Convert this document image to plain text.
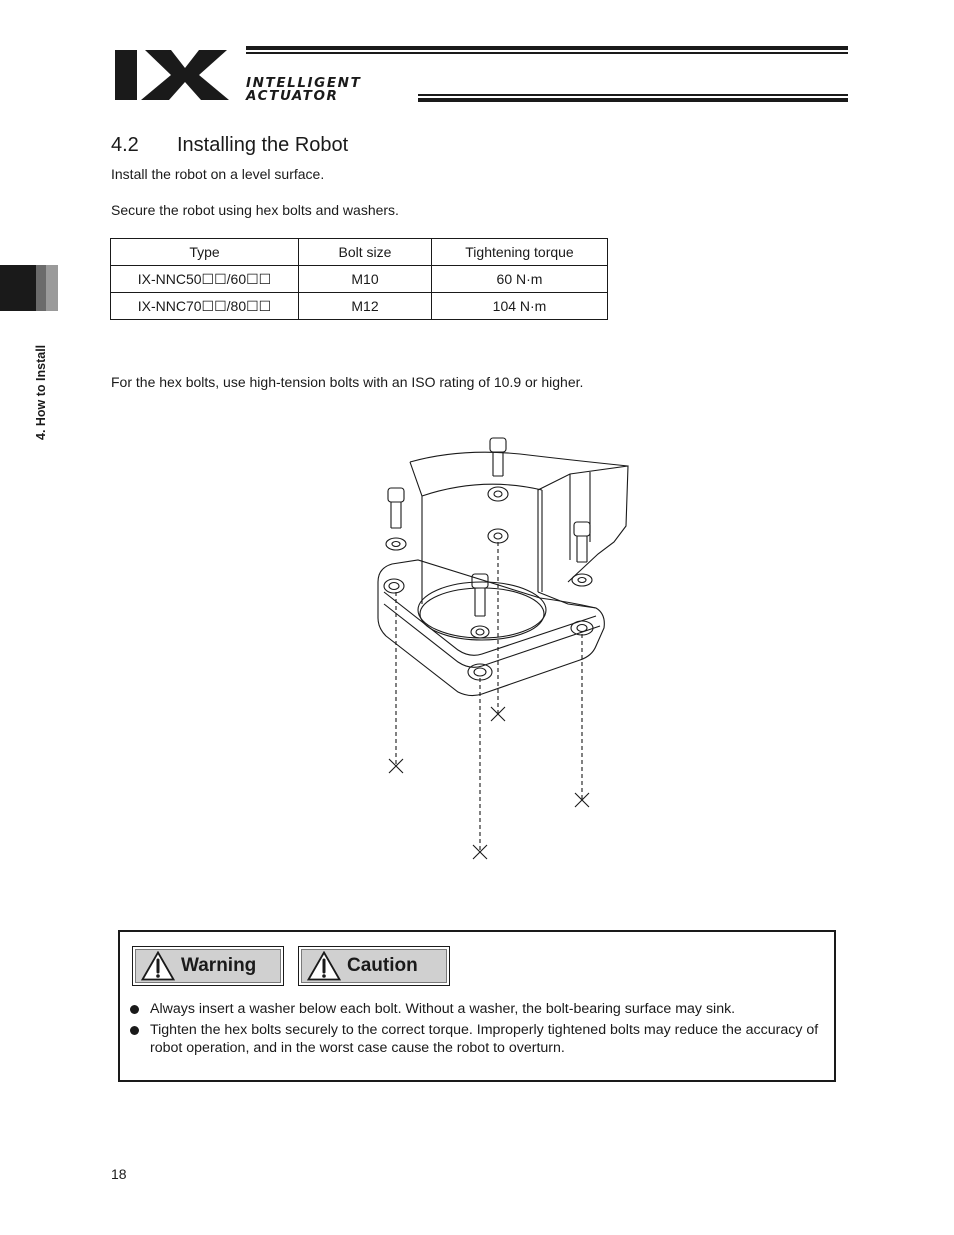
INTELLIGENT
ACTUATOR
4. How to Install
4.2 Installing the Robot
Install the robot on a level surface.
Secure the robot using hex bolts and washers.
Type	Bolt size	Tightening torque
IX-NNC50☐☐/60☐☐	M10	60 N·m
IX-NNC70☐☐/80☐☐	M12	104 N·m
For the hex bolts, use high-tension bolts with an ISO rating of 10.9 or higher.
Warning	Caution
Always insert a washer below each bolt. Without a washer, the bolt-bearing surface may sink.
Tighten the hex bolts securely to the correct torque. Improperly tightened bolts may reduce the accuracy of robot operation, and in the worst case cause the robot to overturn.
18
